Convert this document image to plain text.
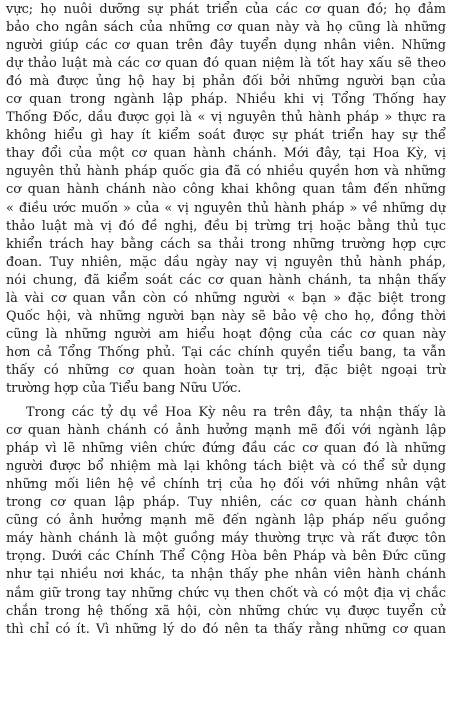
vực; họ nuôi dưỡng sự phát triển của các cơ quan đó; họ đảm
bảo cho ngân sách của những cơ quan này và họ cũng là những
người giúp các cơ quan trên đây tuyển dụng nhân viên. Những
dự thảo luật mà các cơ quan đó quan niệm là tốt hay xấu sẽ theo
đó mà được ủng hộ hay bị phản đối bởi những người bạn của
cơ quan trong ngành lập pháp. Nhiều khi vị Tổng Thống hay
Thống Đốc, dầu được gọi là « vị nguyên thủ hành pháp » thực ra
không hiểu gì hay ít kiểm soát được sự phát triển hay sự thể
thay đổi của một cơ quan hành chánh. Mới đây, tại Hoa Kỳ, vị
nguyên thủ hành pháp quốc gia đã có nhiều quyền hơn và những
cơ quan hành chánh nào công khai không quan tâm đến những
« điều ước muốn » của « vị nguyên thủ hành pháp » về những dự
thảo luật mà vị đó đề nghị, đều bị trừng trị hoặc bằng thủ tục
khiển trách hay bằng cách sa thải trong những trường hợp cực
đoan. Tuy nhiên, mặc dầu ngày nay vị nguyên thủ hành pháp,
nói chung, đã kiểm soát các cơ quan hành chánh, ta nhận thấy
là vài cơ quan vẫn còn có những người « bạn » đặc biệt trong
Quốc hội, và những người bạn này sẽ bảo vệ cho họ, đồng thời
cũng là những người am hiểu hoạt động của các cơ quan này
hơn cả Tổng Thống phủ. Tại các chính quyền tiểu bang, ta vẫn
thấy có những cơ quan hoàn toàn tự trị, đặc biệt ngoại trừ
trường hợp của Tiểu bang Nữu Ước.
Trong các tỷ dụ về Hoa Kỳ nêu ra trên đây, ta nhận thấy là
cơ quan hành chánh có ảnh hưởng mạnh mẽ đối với ngành lập
pháp vì lẽ những viên chức đứng đầu các cơ quan đó là những
người được bổ nhiệm mà lại không tách biệt và có thể sử dụng
những mối liên hệ về chính trị của họ đối với những nhân vật
trong cơ quan lập pháp. Tuy nhiên, các cơ quan hành chánh
cũng có ảnh hưởng mạnh mẽ đến ngành lập pháp nếu guồng
máy hành chánh là một guồng máy thường trực và rất được tôn
trọng. Dưới các Chính Thể Cộng Hòa bên Pháp và bên Đức cũng
như tại nhiều nơi khác, ta nhận thấy phe nhân viên hành chánh
nắm giữ trong tay những chức vụ then chốt và có một địa vị chắc
chắn trong hệ thống xã hội, còn những chức vụ được tuyển cử
thì chỉ có ít. Vì những lý do đó nên ta thấy rằng những cơ quan
